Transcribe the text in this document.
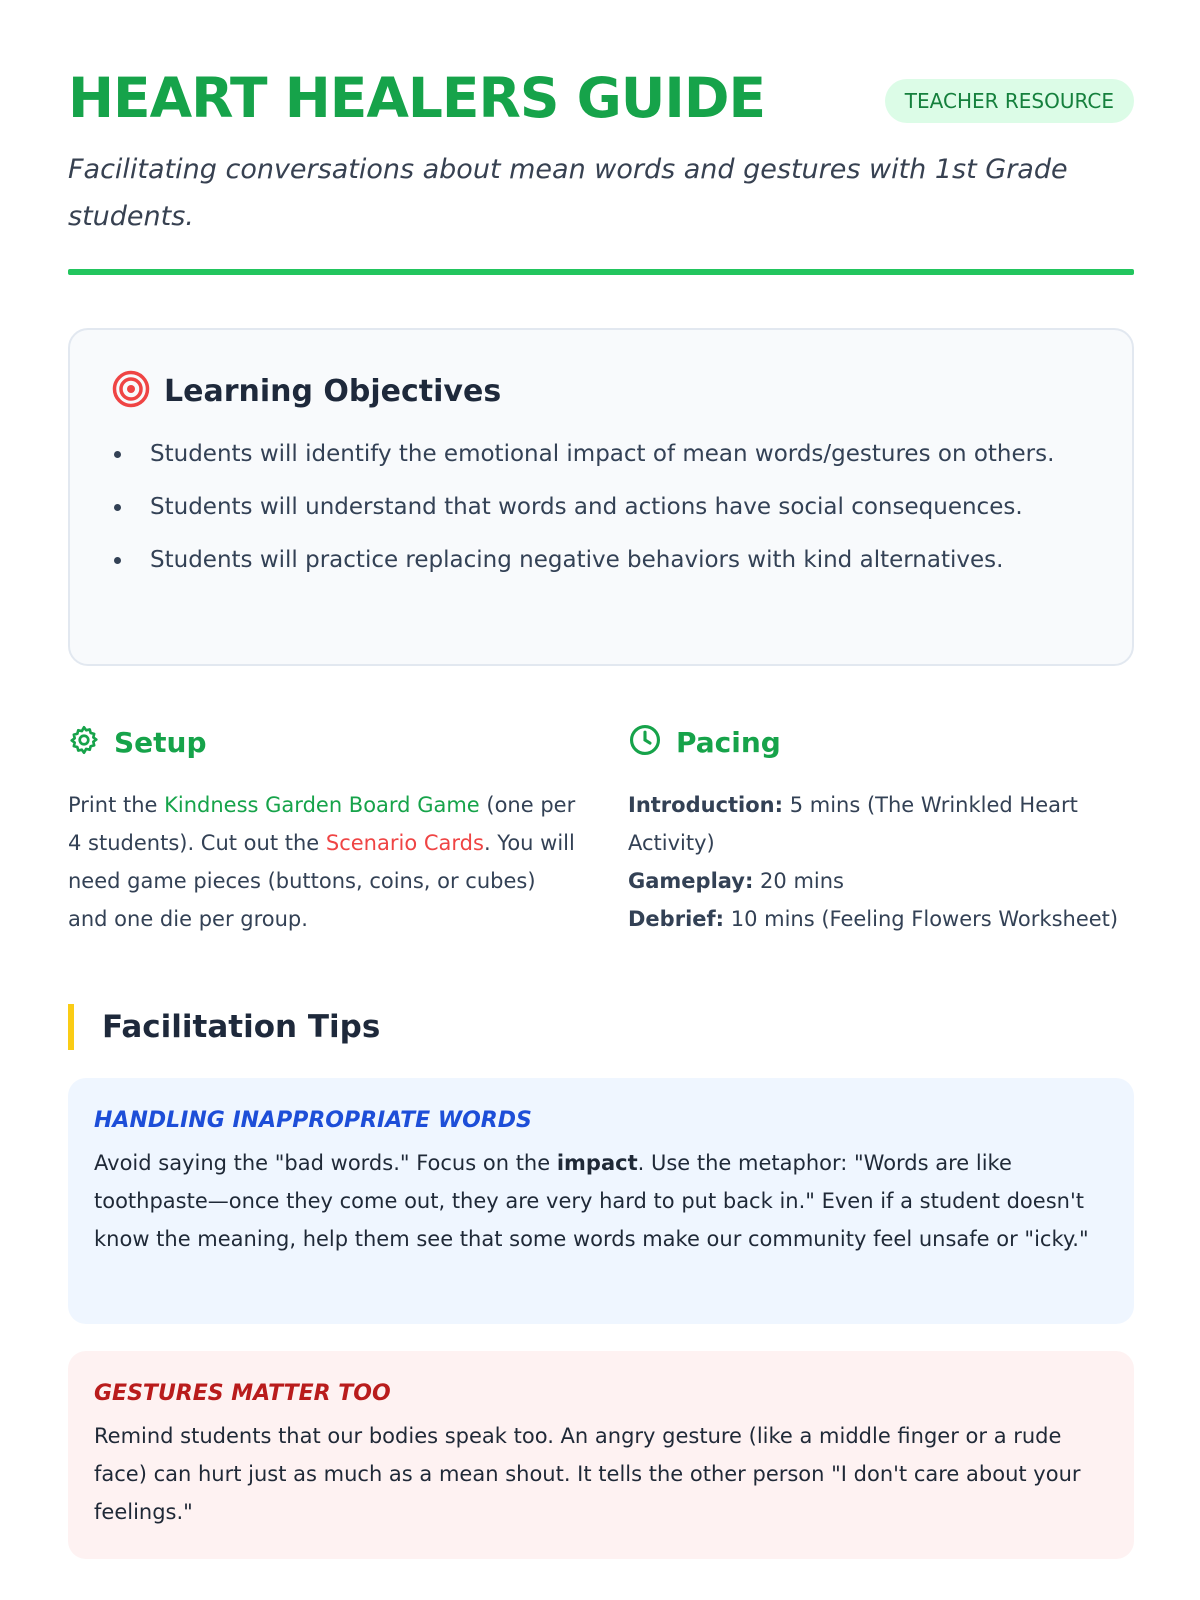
HEART HEALERS GUIDE	TEACHER RESOURCE

Facilitating conversations about mean words and gestures with 1st Grade students.

Learning Objectives
Students will identify the emotional impact of mean words/gestures on others.
Students will understand that words and actions have social consequences.
Students will practice replacing negative behaviors with kind alternatives.
Setup

Print the Kindness Garden Board Game (one per 4 students). Cut out the Scenario Cards. You will need game pieces (buttons, coins, or cubes) and one die per group.

Pacing
Introduction: 5 mins (The Wrinkled Heart Activity)
Gameplay: 20 mins
Debrief: 10 mins (Feeling Flowers Worksheet)
Facilitation Tips

HANDLING INAPPROPRIATE WORDS

Avoid saying the "bad words." Focus on the impact. Use the metaphor: "Words are like toothpaste—once they come out, they are very hard to put back in." Even if a student doesn't know the meaning, help them see that some words make our community feel unsafe or "icky."

GESTURES MATTER TOO

Remind students that our bodies speak too. An angry gesture (like a middle finger or a rude face) can hurt just as much as a mean shout. It tells the other person "I don't care about your feelings."
